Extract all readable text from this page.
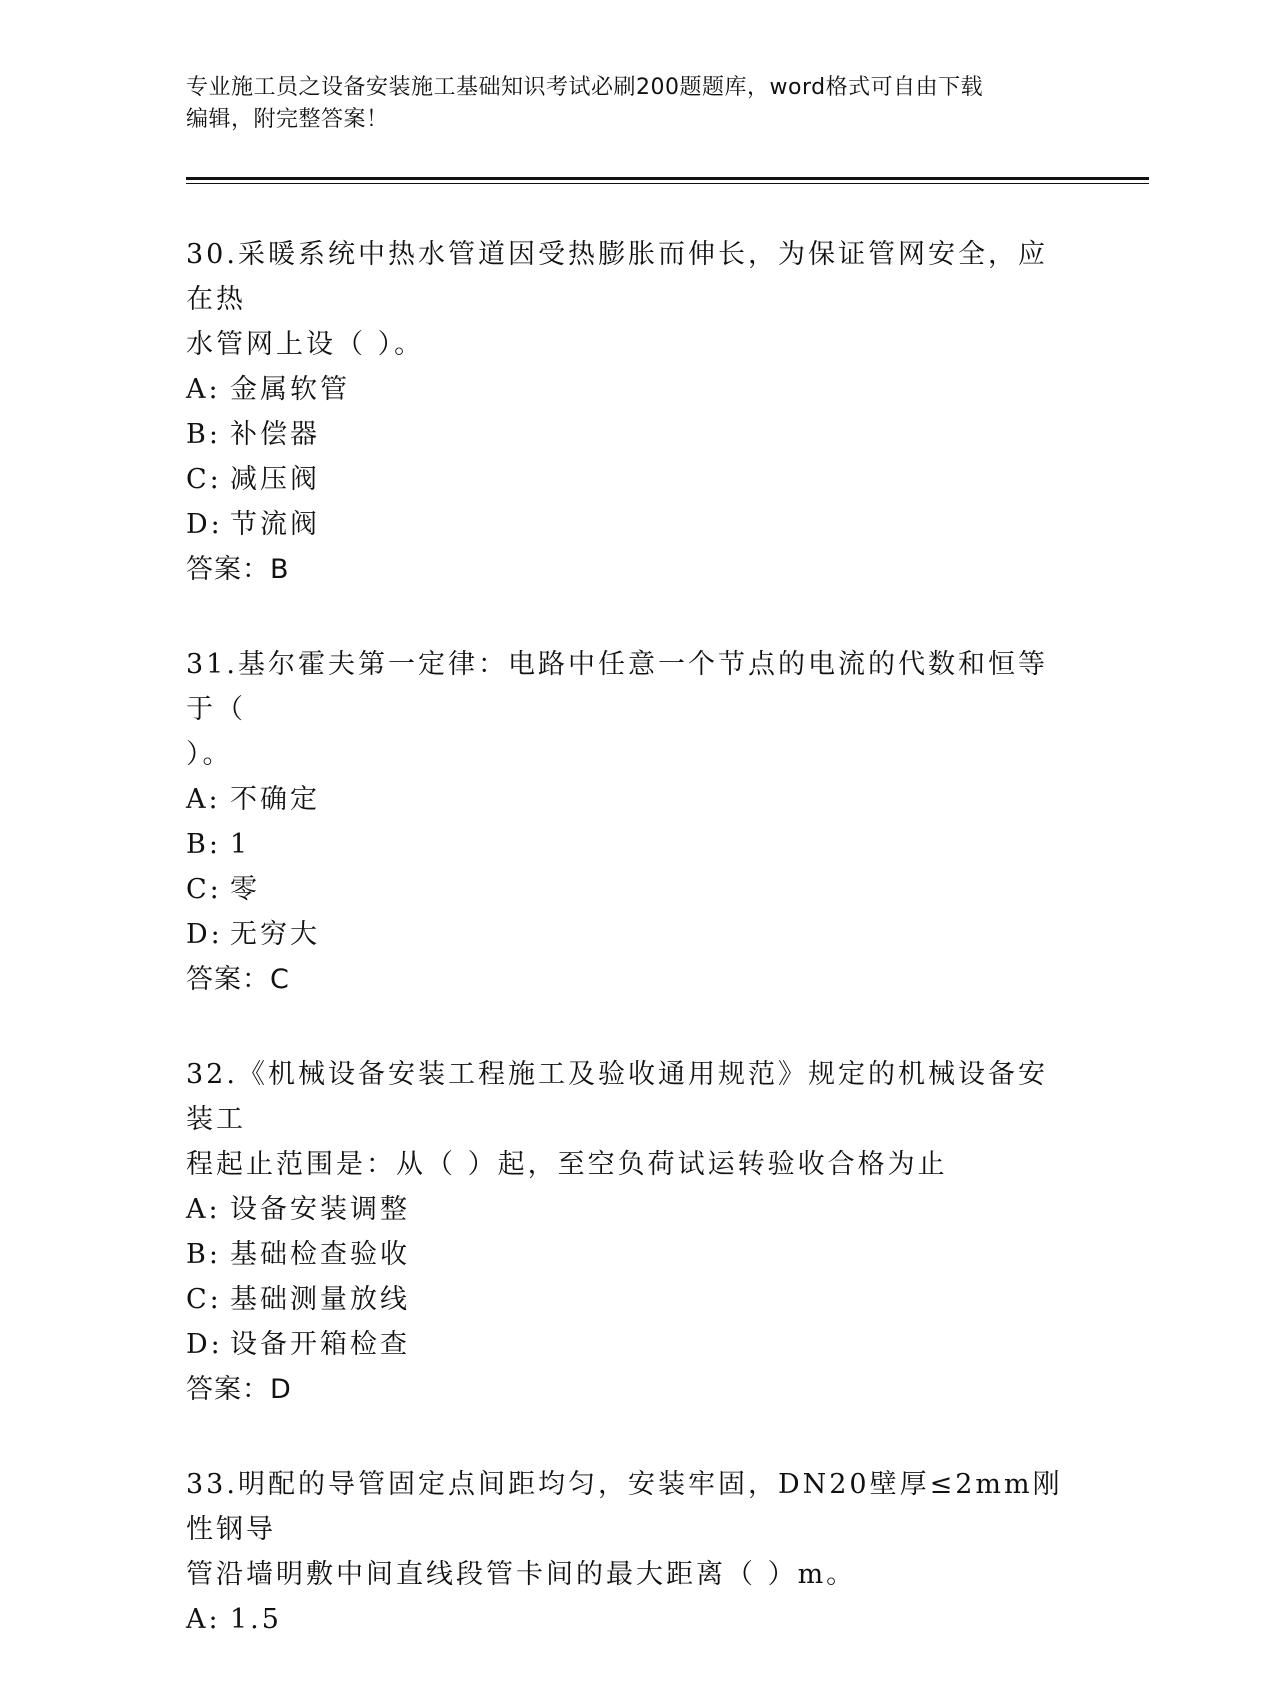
专业施工员之设备安装施工基础知识考试必刷200题题库，word格式可自由下载
编辑，附完整答案！

30.采暖系统中热水管道因受热膨胀而伸长，为保证管网安全，应在热
水管网上设（ ）。

A: 金属软管
B: 补偿器
C: 减压阀
D: 节流阀
答案：B

31.基尔霍夫第一定律：电路中任意一个节点的电流的代数和恒等于（
）。

A: 不确定
B: 1
C: 零
D: 无穷大
答案：C

32.《机械设备安装工程施工及验收通用规范》规定的机械设备安装工
程起止范围是：从（ ）起，至空负荷试运转验收合格为止

A: 设备安装调整
B: 基础检查验收
C: 基础测量放线
D: 设备开箱检查
答案：D

33.明配的导管固定点间距均匀，安装牢固，DN20壁厚≤2mm刚性钢导
管沿墙明敷中间直线段管卡间的最大距离（ ）m。

A: 1.5
